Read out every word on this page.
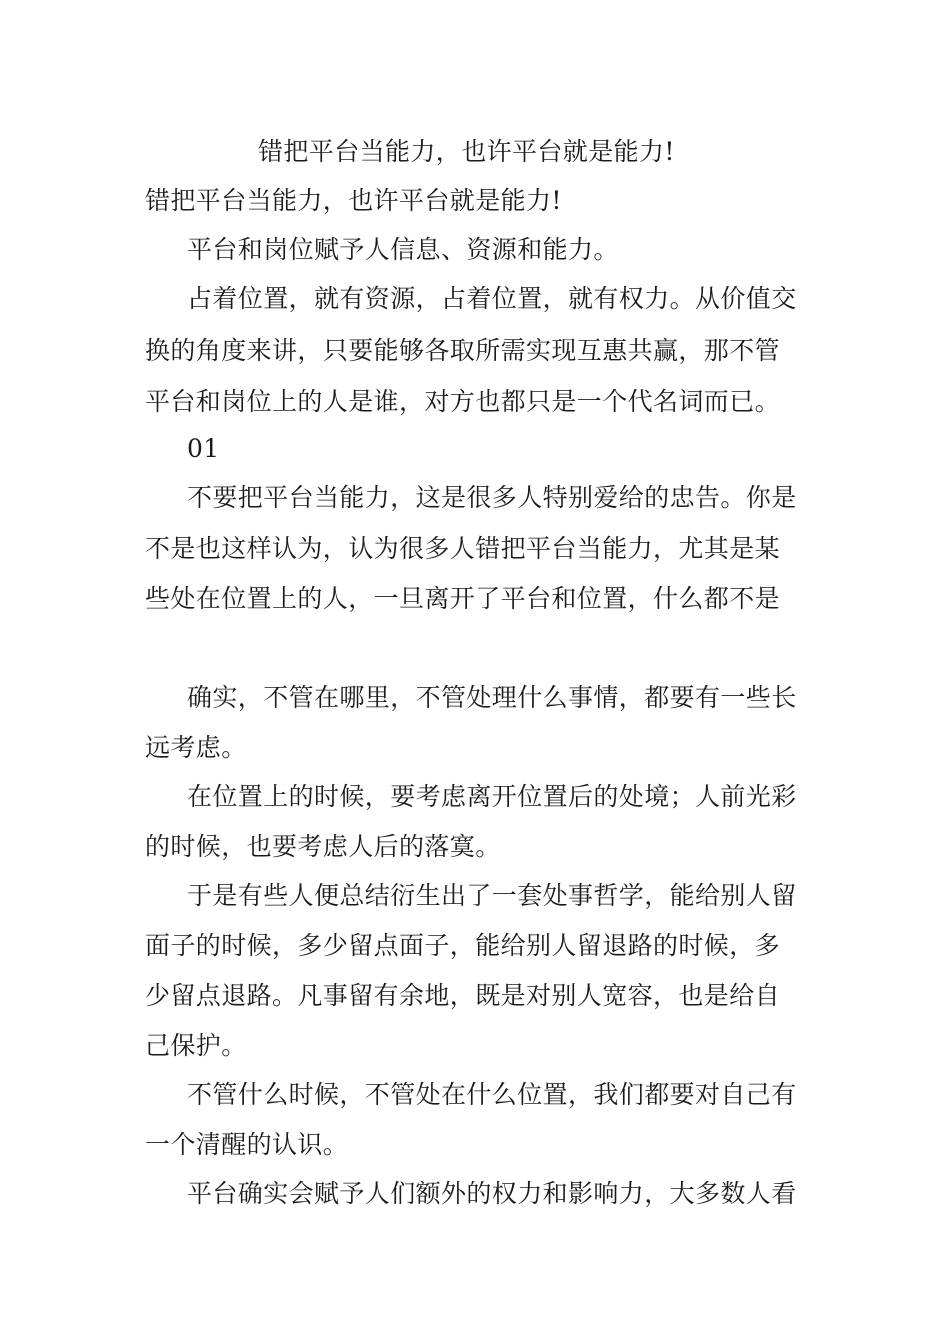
错把平台当能力，也许平台就是能力!
错把平台当能力，也许平台就是能力!
平台和岗位赋予人信息、资源和能力。
占着位置，就有资源，占着位置，就有权力。从价值交
换的角度来讲，只要能够各取所需实现互惠共赢，那不管
平台和岗位上的人是谁，对方也都只是一个代名词而已。
01
不要把平台当能力，这是很多人特别爱给的忠告。你是
不是也这样认为，认为很多人错把平台当能力，尤其是某
些处在位置上的人，一旦离开了平台和位置，什么都不是
确实，不管在哪里，不管处理什么事情，都要有一些长
远考虑。
在位置上的时候，要考虑离开位置后的处境；人前光彩
的时候，也要考虑人后的落寞。
于是有些人便总结衍生出了一套处事哲学，能给别人留
面子的时候，多少留点面子，能给别人留退路的时候，多
少留点退路。凡事留有余地，既是对别人宽容，也是给自
己保护。
不管什么时候，不管处在什么位置，我们都要对自己有
一个清醒的认识。
平台确实会赋予人们额外的权力和影响力，大多数人看
